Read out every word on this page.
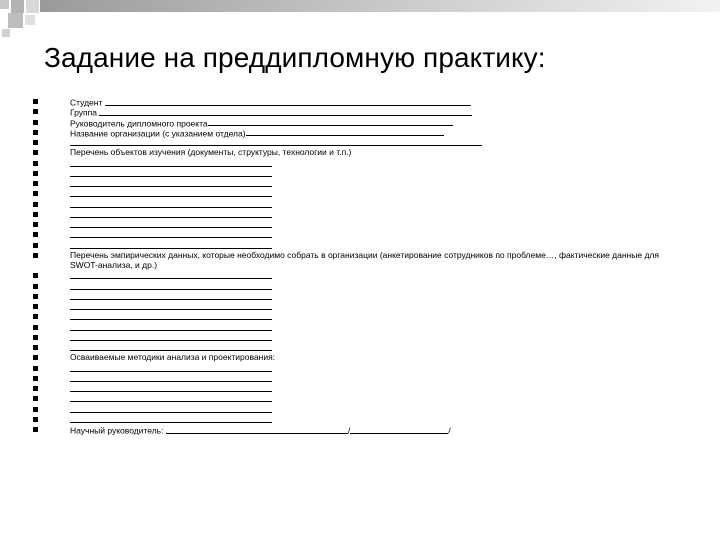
Задание на преддипломную практику:
Студент
Группа
Руководитель дипломного проекта
Название организации (с указанием отдела)
Перечень объектов изучения (документы, структуры, технологии и т.п.)
Перечень эмпирических данных, которые необходимо собрать в организации (анкетирование сотрудников по проблеме…, фактические данные для SWOT-анализа, и др.)
Осваиваемые методики анализа и проектирования:
Научный руководитель:	/	/
